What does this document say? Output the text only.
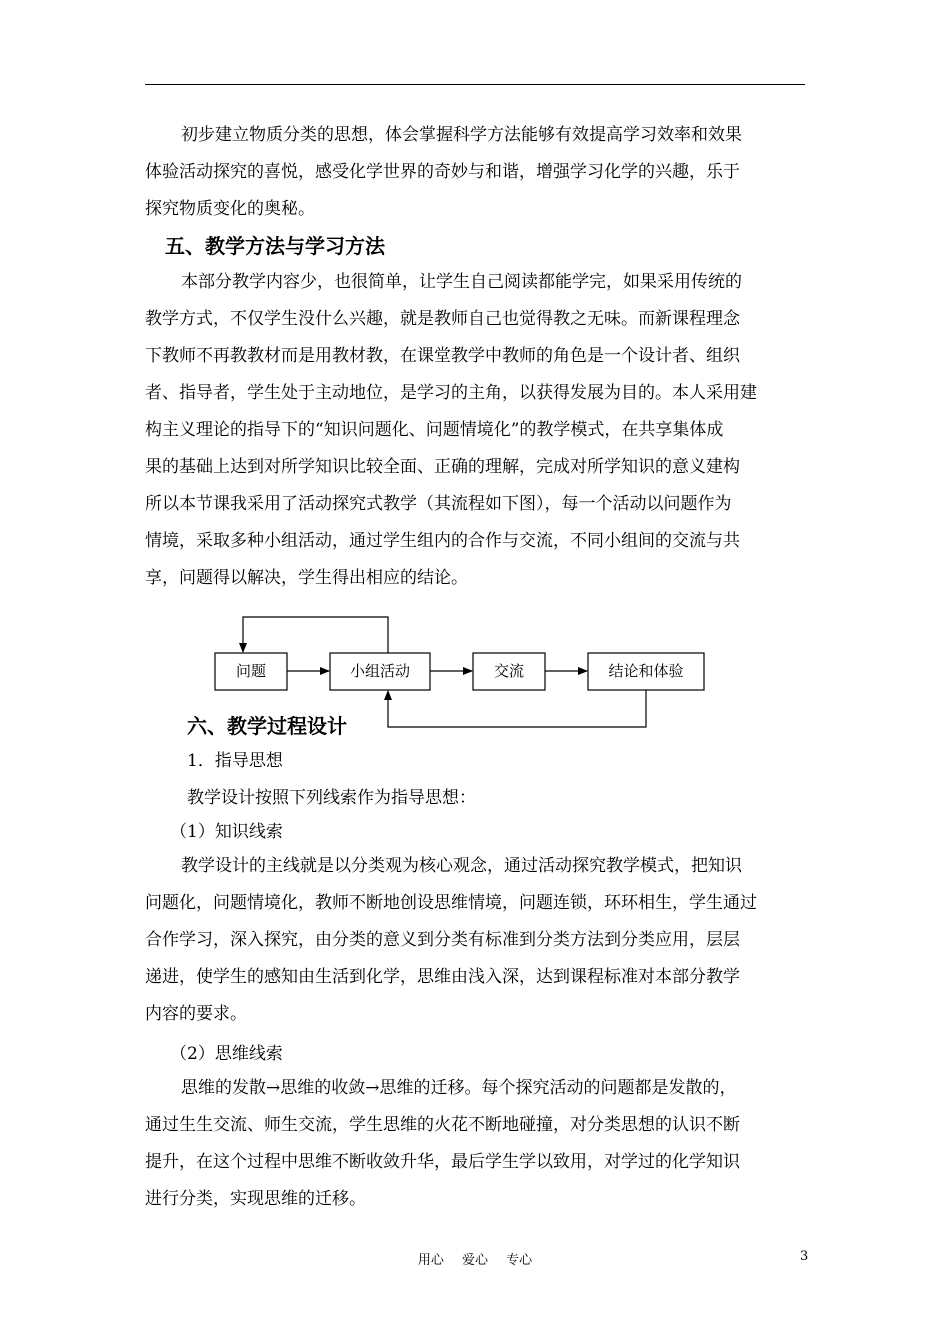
初步建立物质分类的思想，体会掌握科学方法能够有效提高学习效率和效果
体验活动探究的喜悦，感受化学世界的奇妙与和谐，增强学习化学的兴趣，乐于
探究物质变化的奥秘。
五、教学方法与学习方法
本部分教学内容少，也很简单，让学生自己阅读都能学完，如果采用传统的
教学方式，不仅学生没什么兴趣，就是教师自己也觉得教之无味。而新课程理念
下教师不再教教材而是用教材教，在课堂教学中教师的角色是一个设计者、组织
者、指导者，学生处于主动地位，是学习的主角，以获得发展为目的。本人采用建
构主义理论的指导下的“知识问题化、问题情境化”的教学模式，在共享集体成
果的基础上达到对所学知识比较全面、正确的理解，完成对所学知识的意义建构
所以本节课我采用了活动探究式教学（其流程如下图），每一个活动以问题作为
情境，采取多种小组活动，通过学生组内的合作与交流，不同小组间的交流与共
享，问题得以解决，学生得出相应的结论。
六、教学过程设计
问题	小组活动	交流	结论和体验
1．指导思想
教学设计按照下列线索作为指导思想：
（1）知识线索
教学设计的主线就是以分类观为核心观念，通过活动探究教学模式，把知识
问题化，问题情境化，教师不断地创设思维情境，问题连锁，环环相生，学生通过
合作学习，深入探究，由分类的意义到分类有标准到分类方法到分类应用，层层
递进，使学生的感知由生活到化学，思维由浅入深，达到课程标准对本部分教学
内容的要求。
（2）思维线索
思维的发散→思维的收敛→思维的迁移。每个探究活动的问题都是发散的，
通过生生交流、师生交流，学生思维的火花不断地碰撞，对分类思想的认识不断
提升，在这个过程中思维不断收敛升华，最后学生学以致用，对学过的化学知识
进行分类，实现思维的迁移。
用心 爱心 专心	3
